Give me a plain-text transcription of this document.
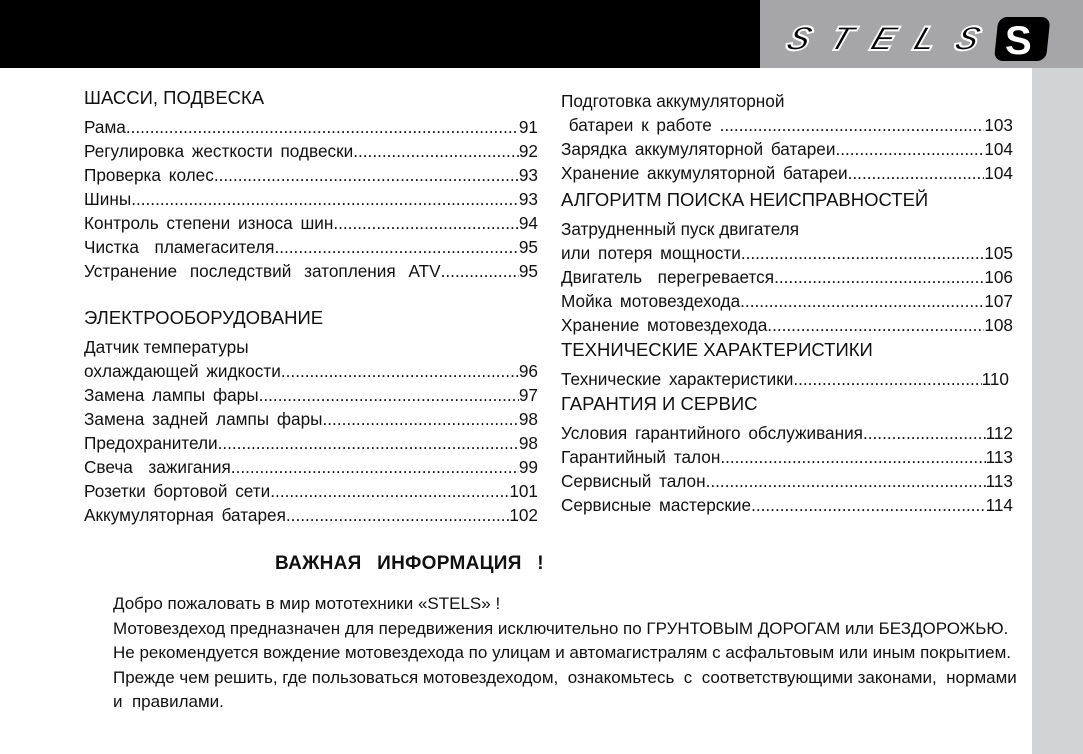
STELS S
ШАССИ, ПОДВЕСКА
Рама .....	91
Регулировка жесткости подвески .....	92
Проверка колес .....	93
Шины .....	93
Контроль степени износа шин .....	94
Чистка  пламегасителя .....	95
Устранение последствий затопления ATV .....	95
ЭЛЕКТРООБОРУДОВАНИЕ
Датчик температуры
охлаждающей жидкости .....	96
Замена лампы фары .....	97
Замена задней лампы фары .....	98
Предохранители .....	98
Свеча  зажигания .....	99
Розетки бортовой сети .....	101
Аккумуляторная батарея .....	102
Подготовка аккумуляторной
батареи к работе .....	103
Зарядка аккумуляторной батареи .....	104
Хранение аккумуляторной батареи .....	104
АЛГОРИТМ ПОИСКА НЕИСПРАВНОСТЕЙ
Затрудненный пуск двигателя
или потеря мощности .....	105
Двигатель  перегревается .....	106
Мойка мотовездехода .....	107
Хранение мотовездехода .....	108
ТЕХНИЧЕСКИЕ ХАРАКТЕРИСТИКИ
Технические характеристики .....	110
ГАРАНТИЯ И СЕРВИС
Условия гарантийного обслуживания .....	112
Гарантийный талон .....	113
Сервисный талон .....	113
Сервисные мастерские .....	114
ВАЖНАЯ ИНФОРМАЦИЯ !

Добро пожаловать в мир мототехники «STELS» !

Мотовездеход предназначен для передвижения исключительно по ГРУНТОВЫМ ДОРОГАМ или БЕЗДОРОЖЬЮ. Не рекомендуется вождение мотовездехода по улицам и автомагистралям с асфальтовым или иным покрытием.

Прежде чем решить, где пользоваться мотовездеходом,  ознакомьтесь  с  соответствующими законами,  нормами  и  правилами.
